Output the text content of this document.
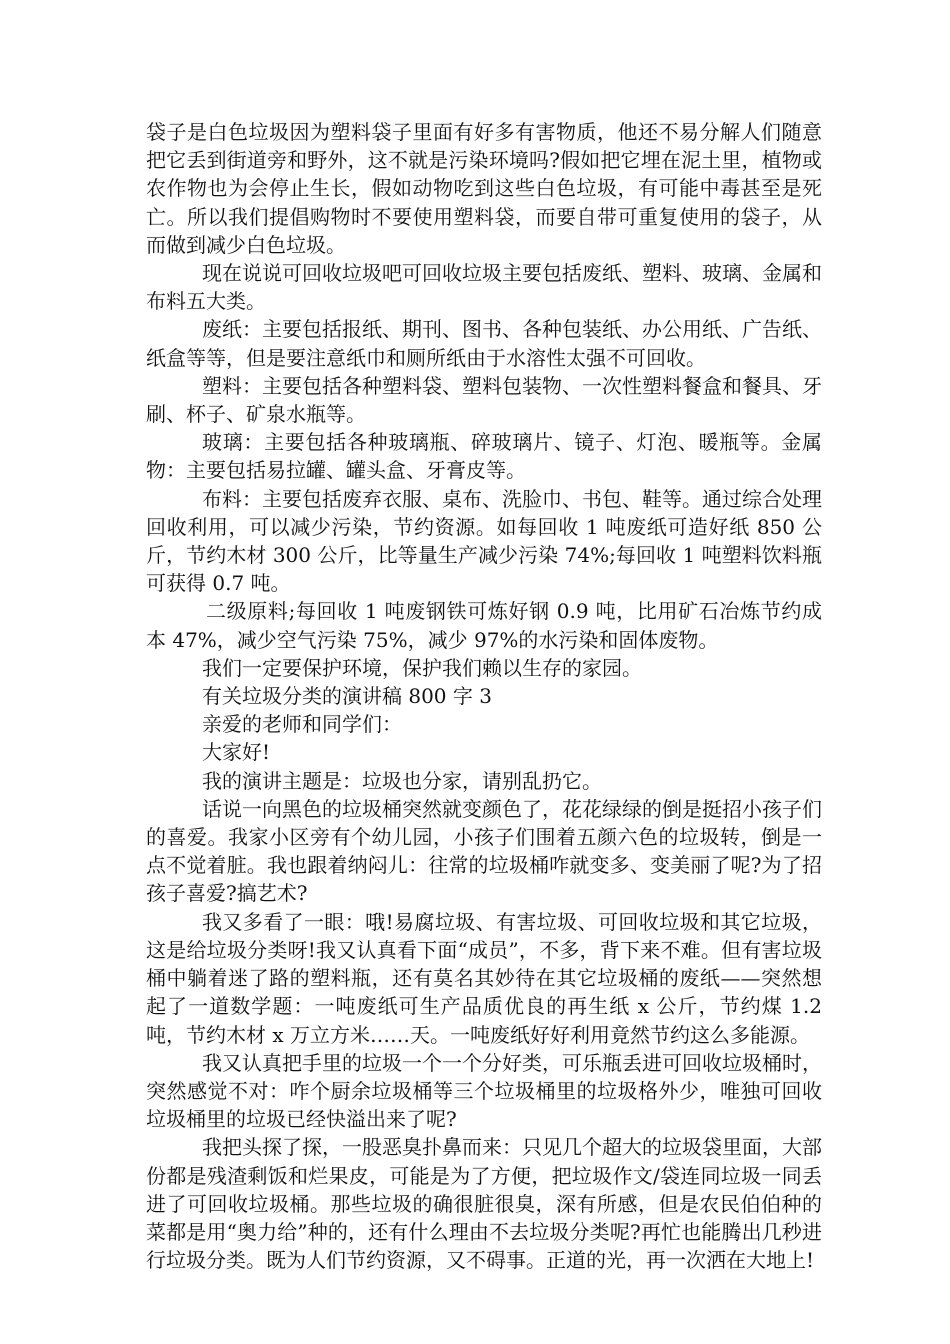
袋子是白色垃圾因为塑料袋子里面有好多有害物质，他还不易分解人们随意把它丢到街道旁和野外，这不就是污染环境吗?假如把它埋在泥土里，植物或农作物也为会停止生长，假如动物吃到这些白色垃圾，有可能中毒甚至是死亡。所以我们提倡购物时不要使用塑料袋，而要自带可重复使用的袋子，从而做到减少白色垃圾。

现在说说可回收垃圾吧可回收垃圾主要包括废纸、塑料、玻璃、金属和布料五大类。

废纸：主要包括报纸、期刊、图书、各种包装纸、办公用纸、广告纸、纸盒等等，但是要注意纸巾和厕所纸由于水溶性太强不可回收。

塑料：主要包括各种塑料袋、塑料包装物、一次性塑料餐盒和餐具、牙刷、杯子、矿泉水瓶等。

玻璃：主要包括各种玻璃瓶、碎玻璃片、镜子、灯泡、暖瓶等。金属物：主要包括易拉罐、罐头盒、牙膏皮等。

布料：主要包括废弃衣服、桌布、洗脸巾、书包、鞋等。通过综合处理回收利用，可以减少污染，节约资源。如每回收 1 吨废纸可造好纸 850 公斤，节约木材 300 公斤，比等量生产减少污染 74%;每回收 1 吨塑料饮料瓶可获得 0.7 吨。

二级原料;每回收 1 吨废钢铁可炼好钢 0.9 吨，比用矿石冶炼节约成本 47%，减少空气污染 75%，减少 97%的水污染和固体废物。

我们一定要保护环境，保护我们赖以生存的家园。

有关垃圾分类的演讲稿 800 字 3

亲爱的老师和同学们：

大家好!

我的演讲主题是：垃圾也分家，请别乱扔它。

话说一向黑色的垃圾桶突然就变颜色了，花花绿绿的倒是挺招小孩子们的喜爱。我家小区旁有个幼儿园，小孩子们围着五颜六色的垃圾转，倒是一点不觉着脏。我也跟着纳闷儿：往常的垃圾桶咋就变多、变美丽了呢?为了招孩子喜爱?搞艺术?

我又多看了一眼：哦!易腐垃圾、有害垃圾、可回收垃圾和其它垃圾，这是给垃圾分类呀!我又认真看下面“成员”，不多，背下来不难。但有害垃圾桶中躺着迷了路的塑料瓶，还有莫名其妙待在其它垃圾桶的废纸——突然想起了一道数学题：一吨废纸可生产品质优良的再生纸 x 公斤，节约煤 1.2 吨，节约木材 x 万立方米……天。一吨废纸好好利用竟然节约这么多能源。

我又认真把手里的垃圾一个一个分好类，可乐瓶丢进可回收垃圾桶时，突然感觉不对：咋个厨余垃圾桶等三个垃圾桶里的垃圾格外少，唯独可回收垃圾桶里的垃圾已经快溢出来了呢?

我把头探了探，一股恶臭扑鼻而来：只见几个超大的垃圾袋里面，大部份都是残渣剩饭和烂果皮，可能是为了方便，把垃圾作文/袋连同垃圾一同丢进了可回收垃圾桶。那些垃圾的确很脏很臭，深有所感，但是农民伯伯种的菜都是用“奥力给”种的，还有什么理由不去垃圾分类呢?再忙也能腾出几秒进行垃圾分类。既为人们节约资源，又不碍事。正道的光，再一次洒在大地上!
